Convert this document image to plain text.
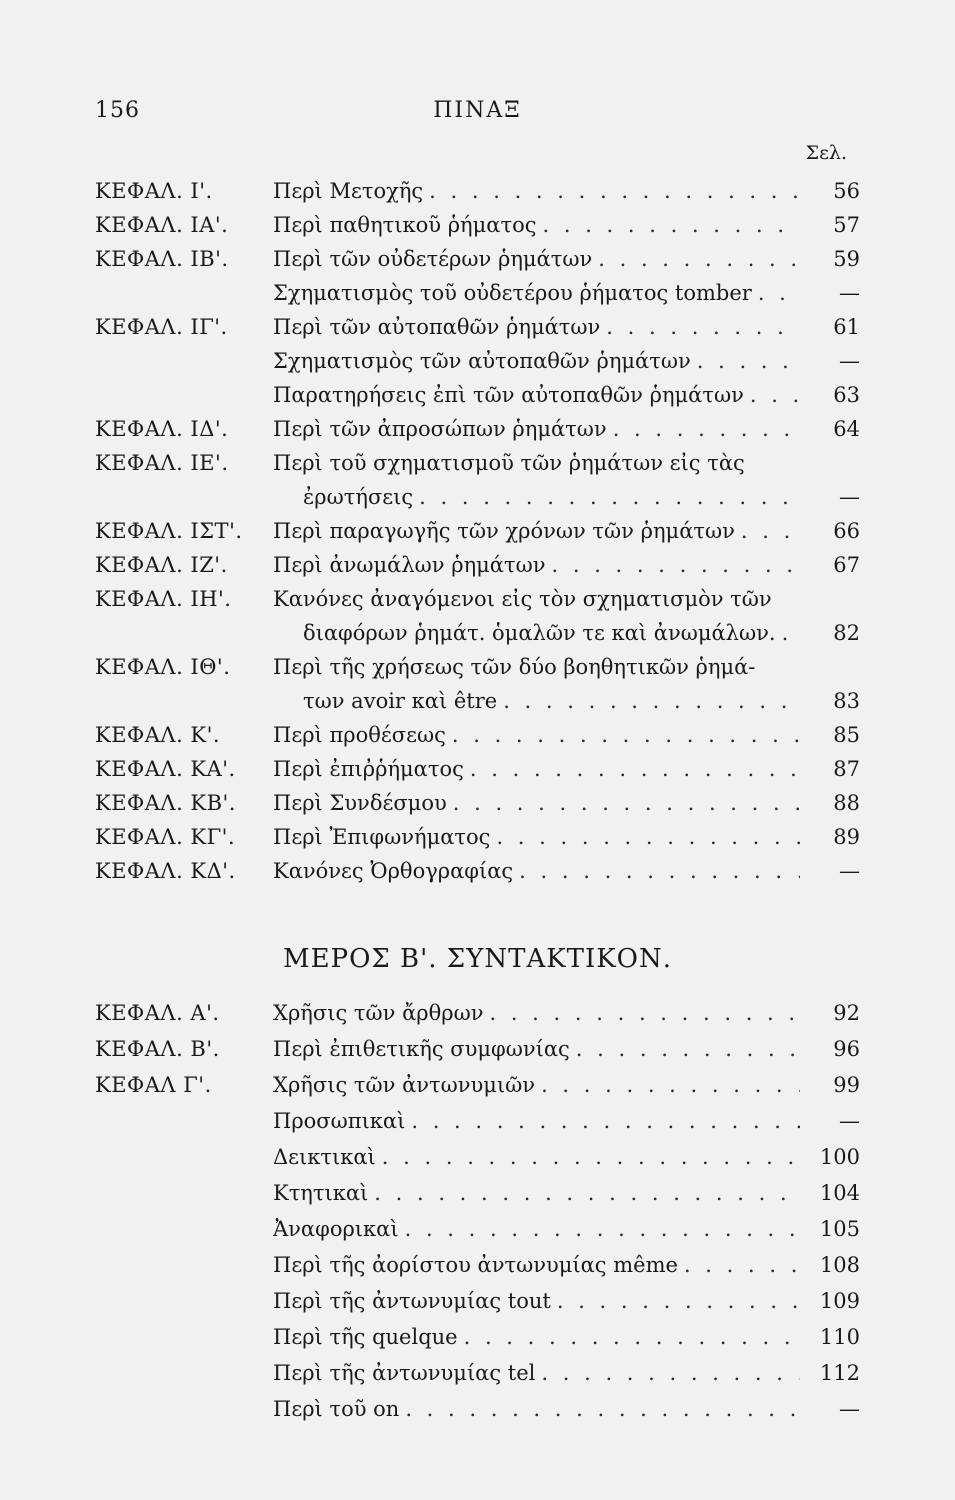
156	ΠΙΝΑΞ
Σελ.
ΚΕΦΑΛ. Ι'.	Περὶ Μετοχῆς . . .	56
ΚΕΦΑΛ. ΙΑ'.	Περὶ παθητικοῦ ῥήματος . . .	57
ΚΕΦΑΛ. ΙΒ'.	Περὶ τῶν οὐδετέρων ῥημάτων . . .	59
Σχηματισμὸς τοῦ οὐδετέρου ῥήματος tomber . . .	—
ΚΕΦΑΛ. ΙΓ'.	Περὶ τῶν αὐτοπαθῶν ῥημάτων . . .	61
Σχηματισμὸς τῶν αὐτοπαθῶν ῥημάτων . . .	—
Παρατηρήσεις ἐπὶ τῶν αὐτοπαθῶν ῥημάτων . . .	63
ΚΕΦΑΛ. ΙΔ'.	Περὶ τῶν ἀπροσώπων ῥημάτων . . .	64
ΚΕΦΑΛ. ΙΕ'.	Περὶ τοῦ σχηματισμοῦ τῶν ῥημάτων εἰς τὰς
ἐρωτήσεις . . .	—
ΚΕΦΑΛ. ΙΣΤ'.	Περὶ παραγωγῆς τῶν χρόνων τῶν ῥημάτων . . .	66
ΚΕΦΑΛ. ΙΖ'.	Περὶ ἀνωμάλων ῥημάτων . . .	67
ΚΕΦΑΛ. ΙΗ'.	Κανόνες ἀναγόμενοι εἰς τὸν σχηματισμὸν τῶν
διαφόρων ῥημάτ. ὁμαλῶν τε καὶ ἀνωμάλων. . . .	82
ΚΕΦΑΛ. ΙΘ'.	Περὶ τῆς χρήσεως τῶν δύο βοηθητικῶν ῥημά-
των avoir καὶ être . . .	83
ΚΕΦΑΛ. Κ'.	Περὶ προθέσεως . . .	85
ΚΕΦΑΛ. ΚΑ'.	Περὶ ἐπιῤῥήματος . . .	87
ΚΕΦΑΛ. ΚΒ'.	Περὶ Συνδέσμου . . .	88
ΚΕΦΑΛ. ΚΓ'.	Περὶ Ἐπιφωνήματος . . .	89
ΚΕΦΑΛ. ΚΔ'.	Κανόνες Ὀρθογραφίας . . .	—
ΜΕΡΟΣ Β'. ΣΥΝΤΑΚΤΙΚΟΝ.
ΚΕΦΑΛ. Α'.	Χρῆσις τῶν ἄρθρων . . .	92
ΚΕΦΑΛ. Β'.	Περὶ ἐπιθετικῆς συμφωνίας . . .	96
ΚΕΦΑΛ Γ'.	Χρῆσις τῶν ἀντωνυμιῶν . . .	99
Προσωπικαὶ . . .	—
Δεικτικαὶ . . .	100
Κτητικαὶ . . .	104
Ἀναφορικαὶ . . .	105
Περὶ τῆς ἀορίστου ἀντωνυμίας même . . .	108
Περὶ τῆς ἀντωνυμίας tout . . .	109
Περὶ τῆς quelque . . .	110
Περὶ τῆς ἀντωνυμίας tel . . .	112
Περὶ τοῦ on . . .	—
